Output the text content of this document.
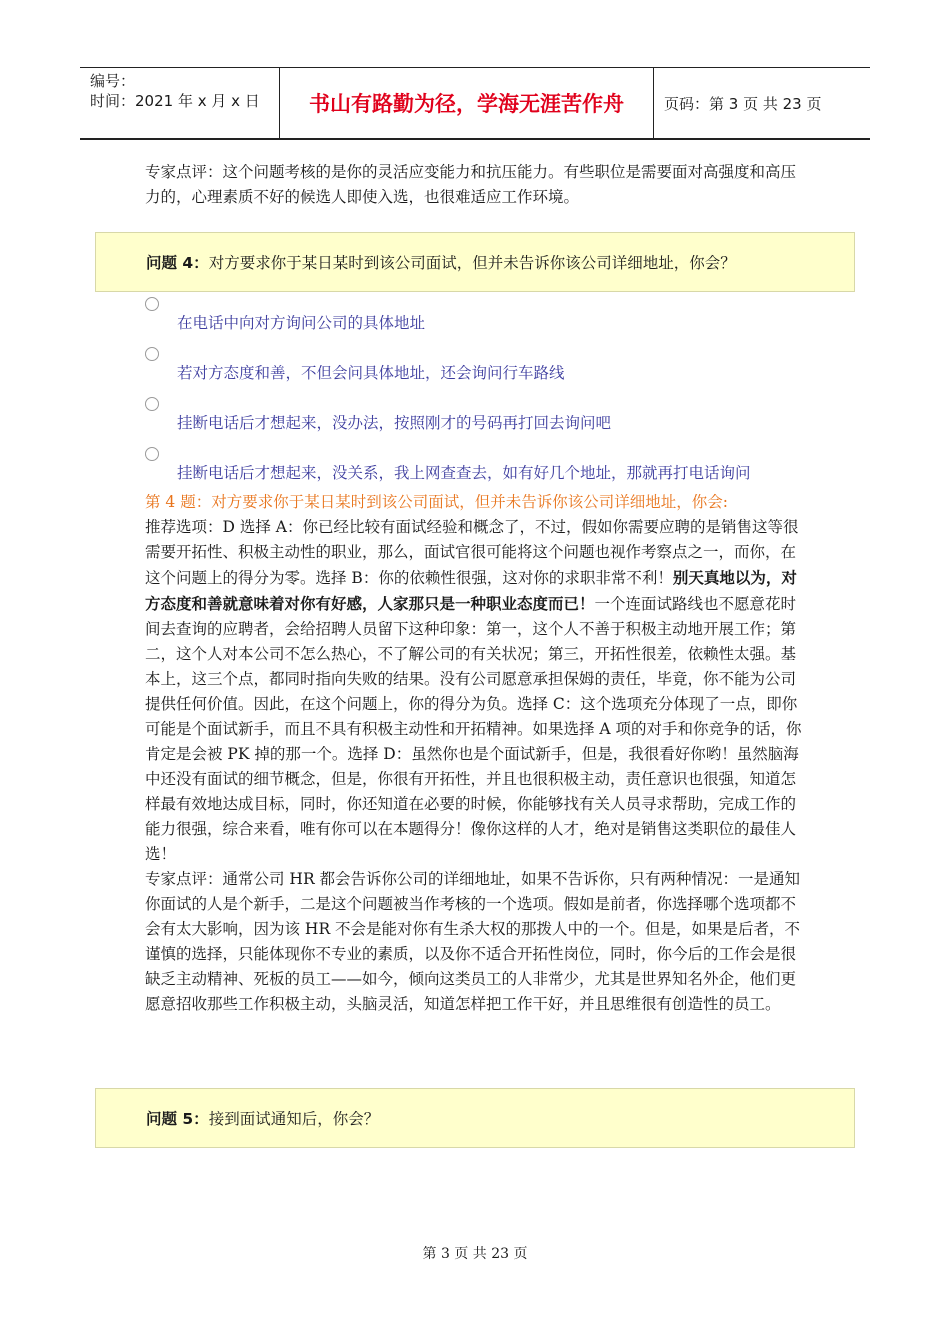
编号：
时间：2021 年 x 月 x 日	书山有路勤为径，学海无涯苦作舟	页码：第 3 页 共 23 页
专家点评：这个问题考核的是你的灵活应变能力和抗压能力。有些职位是需要面对高强度和高压力的，心理素质不好的候选人即使入选，也很难适应工作环境。
问题 4： 对方要求你于某日某时到该公司面试，但并未告诉你该公司详细地址，你会？
在电话中向对方询问公司的具体地址
若对方态度和善，不但会问具体地址，还会询问行车路线
挂断电话后才想起来，没办法，按照刚才的号码再打回去询问吧
挂断电话后才想起来，没关系，我上网查查去，如有好几个地址，那就再打电话询问
第 4 题：对方要求你于某日某时到该公司面试，但并未告诉你该公司详细地址，你会:
推荐选项：D 选择 A：你已经比较有面试经验和概念了，不过，假如你需要应聘的是销售这等很需要开拓性、积极主动性的职业，那么，面试官很可能将这个问题也视作考察点之一，而你，在这个问题上的得分为零。选择 B：你的依赖性很强，这对你的求职非常不利！别天真地以为，对方态度和善就意味着对你有好感，人家那只是一种职业态度而已！一个连面试路线也不愿意花时间去查询的应聘者，会给招聘人员留下这种印象：第一，这个人不善于积极主动地开展工作；第二，这个人对本公司不怎么热心，不了解公司的有关状况；第三，开拓性很差，依赖性太强。基本上，这三个点，都同时指向失败的结果。没有公司愿意承担保姆的责任，毕竟，你不能为公司提供任何价值。因此，在这个问题上，你的得分为负。选择 C：这个选项充分体现了一点，即你可能是个面试新手，而且不具有积极主动性和开拓精神。如果选择 A 项的对手和你竞争的话，你肯定是会被 PK 掉的那一个。选择 D：虽然你也是个面试新手，但是，我很看好你哟！虽然脑海中还没有面试的细节概念，但是，你很有开拓性，并且也很积极主动，责任意识也很强，知道怎样最有效地达成目标，同时，你还知道在必要的时候，你能够找有关人员寻求帮助，完成工作的能力很强，综合来看，唯有你可以在本题得分！像你这样的人才，绝对是销售这类职位的最佳人选！
专家点评：通常公司 HR 都会告诉你公司的详细地址，如果不告诉你，只有两种情况：一是通知你面试的人是个新手，二是这个问题被当作考核的一个选项。假如是前者，你选择哪个选项都不会有太大影响，因为该 HR 不会是能对你有生杀大权的那拨人中的一个。但是，如果是后者，不谨慎的选择，只能体现你不专业的素质，以及你不适合开拓性岗位，同时，你今后的工作会是很缺乏主动精神、死板的员工——如今，倾向这类员工的人非常少，尤其是世界知名外企，他们更愿意招收那些工作积极主动，头脑灵活，知道怎样把工作干好，并且思维很有创造性的员工。
问题 5： 接到面试通知后，你会？
第 3 页 共 23 页
